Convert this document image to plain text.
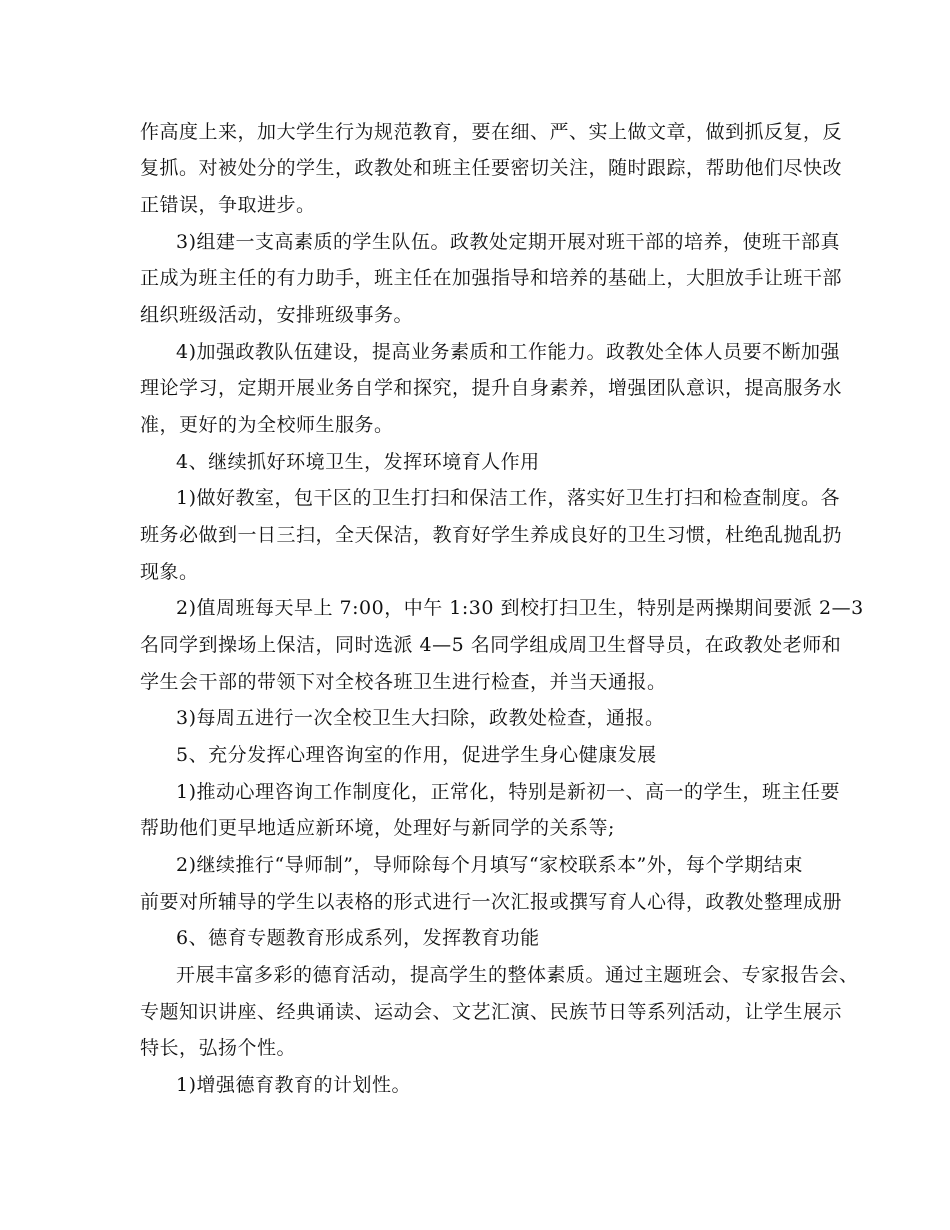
作高度上来，加大学生行为规范教育，要在细、严、实上做文章，做到抓反复，反
复抓。对被处分的学生，政教处和班主任要密切关注，随时跟踪，帮助他们尽快改
正错误，争取进步。
3)组建一支高素质的学生队伍。政教处定期开展对班干部的培养，使班干部真
正成为班主任的有力助手，班主任在加强指导和培养的基础上，大胆放手让班干部
组织班级活动，安排班级事务。
4)加强政教队伍建设，提高业务素质和工作能力。政教处全体人员要不断加强
理论学习，定期开展业务自学和探究，提升自身素养，增强团队意识，提高服务水
准，更好的为全校师生服务。
4、继续抓好环境卫生，发挥环境育人作用
1)做好教室，包干区的卫生打扫和保洁工作，落实好卫生打扫和检查制度。各
班务必做到一日三扫，全天保洁，教育好学生养成良好的卫生习惯，杜绝乱抛乱扔
现象。
2)值周班每天早上 7:00，中午 1:30 到校打扫卫生，特别是两操期间要派 2—3
名同学到操场上保洁，同时选派 4—5 名同学组成周卫生督导员，在政教处老师和
学生会干部的带领下对全校各班卫生进行检查，并当天通报。
3)每周五进行一次全校卫生大扫除，政教处检查，通报。
5、充分发挥心理咨询室的作用，促进学生身心健康发展
1)推动心理咨询工作制度化，正常化，特别是新初一、高一的学生，班主任要
帮助他们更早地适应新环境，处理好与新同学的关系等;
2)继续推行“导师制”，导师除每个月填写“家校联系本”外，每个学期结束
前要对所辅导的学生以表格的形式进行一次汇报或撰写育人心得，政教处整理成册
6、德育专题教育形成系列，发挥教育功能
开展丰富多彩的德育活动，提高学生的整体素质。通过主题班会、专家报告会、
专题知识讲座、经典诵读、运动会、文艺汇演、民族节日等系列活动，让学生展示
特长，弘扬个性。
1)增强德育教育的计划性。
